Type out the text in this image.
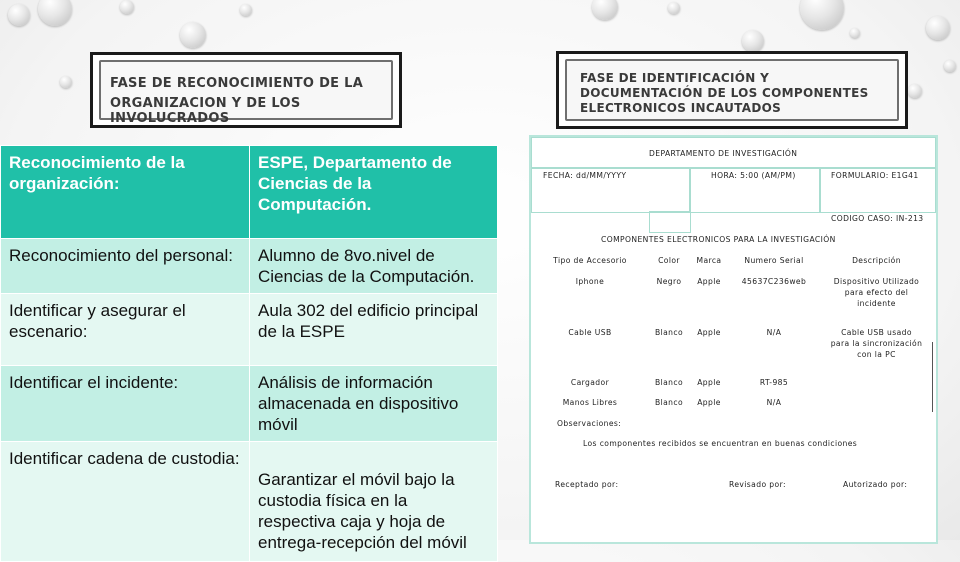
FASE DE RECONOCIMIENTO DE LA
ORGANIZACION Y DE LOS INVOLUCRADOS
FASE DE IDENTIFICACIÓN Y
DOCUMENTACIÓN DE LOS COMPONENTES
ELECTRONICOS INCAUTADOS
Reconocimiento de la organización:	ESPE, Departamento de Ciencias de la Computación.
Reconocimiento del personal:	Alumno de 8vo.nivel de Ciencias de la Computación.
Identificar y asegurar el escenario:	Aula 302 del edificio principal de la ESPE
Identificar el incidente:	Análisis de información almacenada en dispositivo móvil
Identificar cadena de custodia:	Garantizar el móvil bajo la custodia física en la respectiva caja y hoja de entrega-recepción del móvil
DEPARTAMENTO DE INVESTIGACIÓN
FECHA: dd/MM/YYYY	HORA: 5:00 (AM/PM)	FORMULARIO: E1G41
CODIGO CASO: IN-213
COMPONENTES ELECTRONICOS PARA LA INVESTIGACIÓN
Tipo de Accesorio	Color	Marca	Numero Serial	Descripción
Iphone	Negro	Apple	45637C236web	Dispositivo Utilizado
para efecto del
incidente
Cable USB	Blanco	Apple	N/A	Cable USB usado
para la sincronización
con la PC
Cargador	Blanco	Apple	RT-985
Manos Libres	Blanco	Apple	N/A
Observaciones:
Los componentes recibidos se encuentran en buenas condiciones
Receptado por:	Revisado por:	Autorizado por:
